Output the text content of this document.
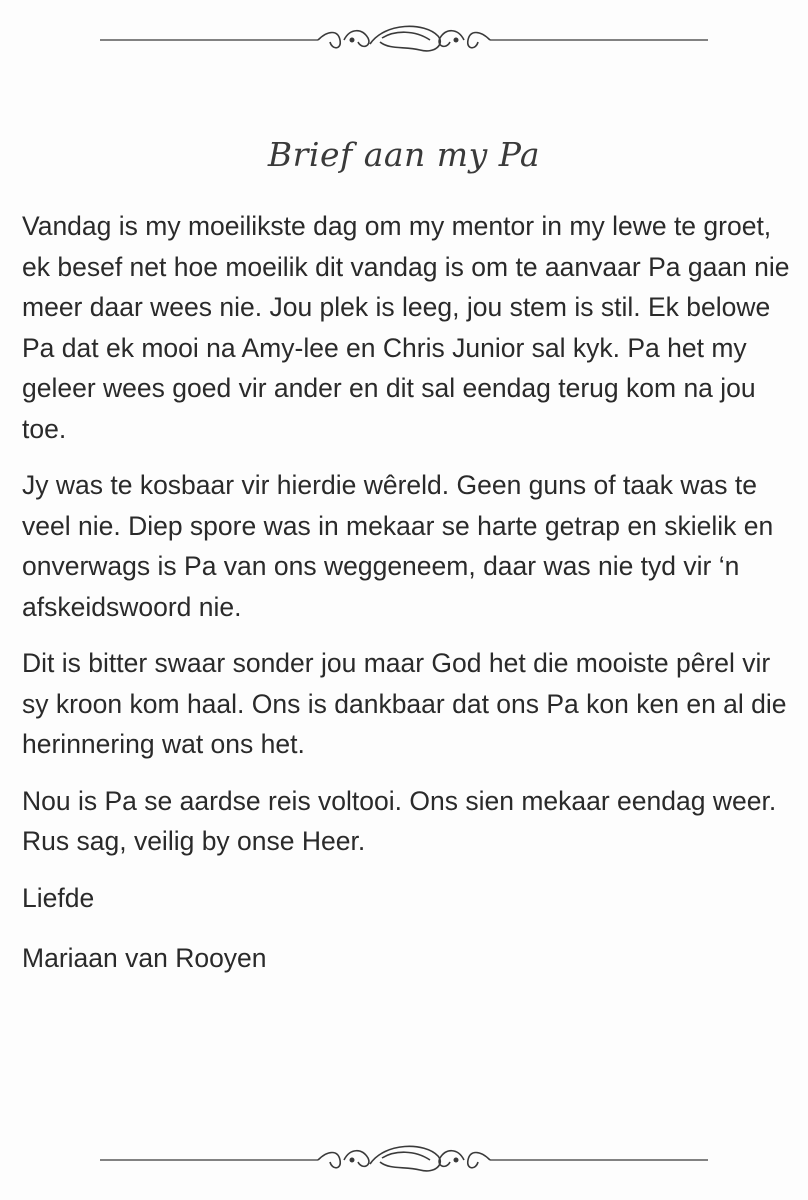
Brief aan my Pa

Vandag is my moeilikste dag om my mentor in my lewe te groet, ek besef net hoe moeilik dit vandag is om te aanvaar Pa gaan nie meer daar wees nie. Jou plek is leeg, jou stem is stil. Ek belowe Pa dat ek mooi na Amy-lee en Chris Junior sal kyk. Pa het my geleer wees goed vir ander en dit sal eendag terug kom na jou toe.

Jy was te kosbaar vir hierdie wêreld. Geen guns of taak was te veel nie. Diep spore was in mekaar se harte getrap en skielik en onverwags is Pa van ons weggeneem, daar was nie tyd vir ‘n afskeidswoord nie.

Dit is bitter swaar sonder jou maar God het die mooiste pêrel vir sy kroon kom haal. Ons is dankbaar dat ons Pa kon ken en al die herinnering wat ons het.

Nou is Pa se aardse reis voltooi. Ons sien mekaar eendag weer. Rus sag, veilig by onse Heer.

Liefde

Mariaan van Rooyen
